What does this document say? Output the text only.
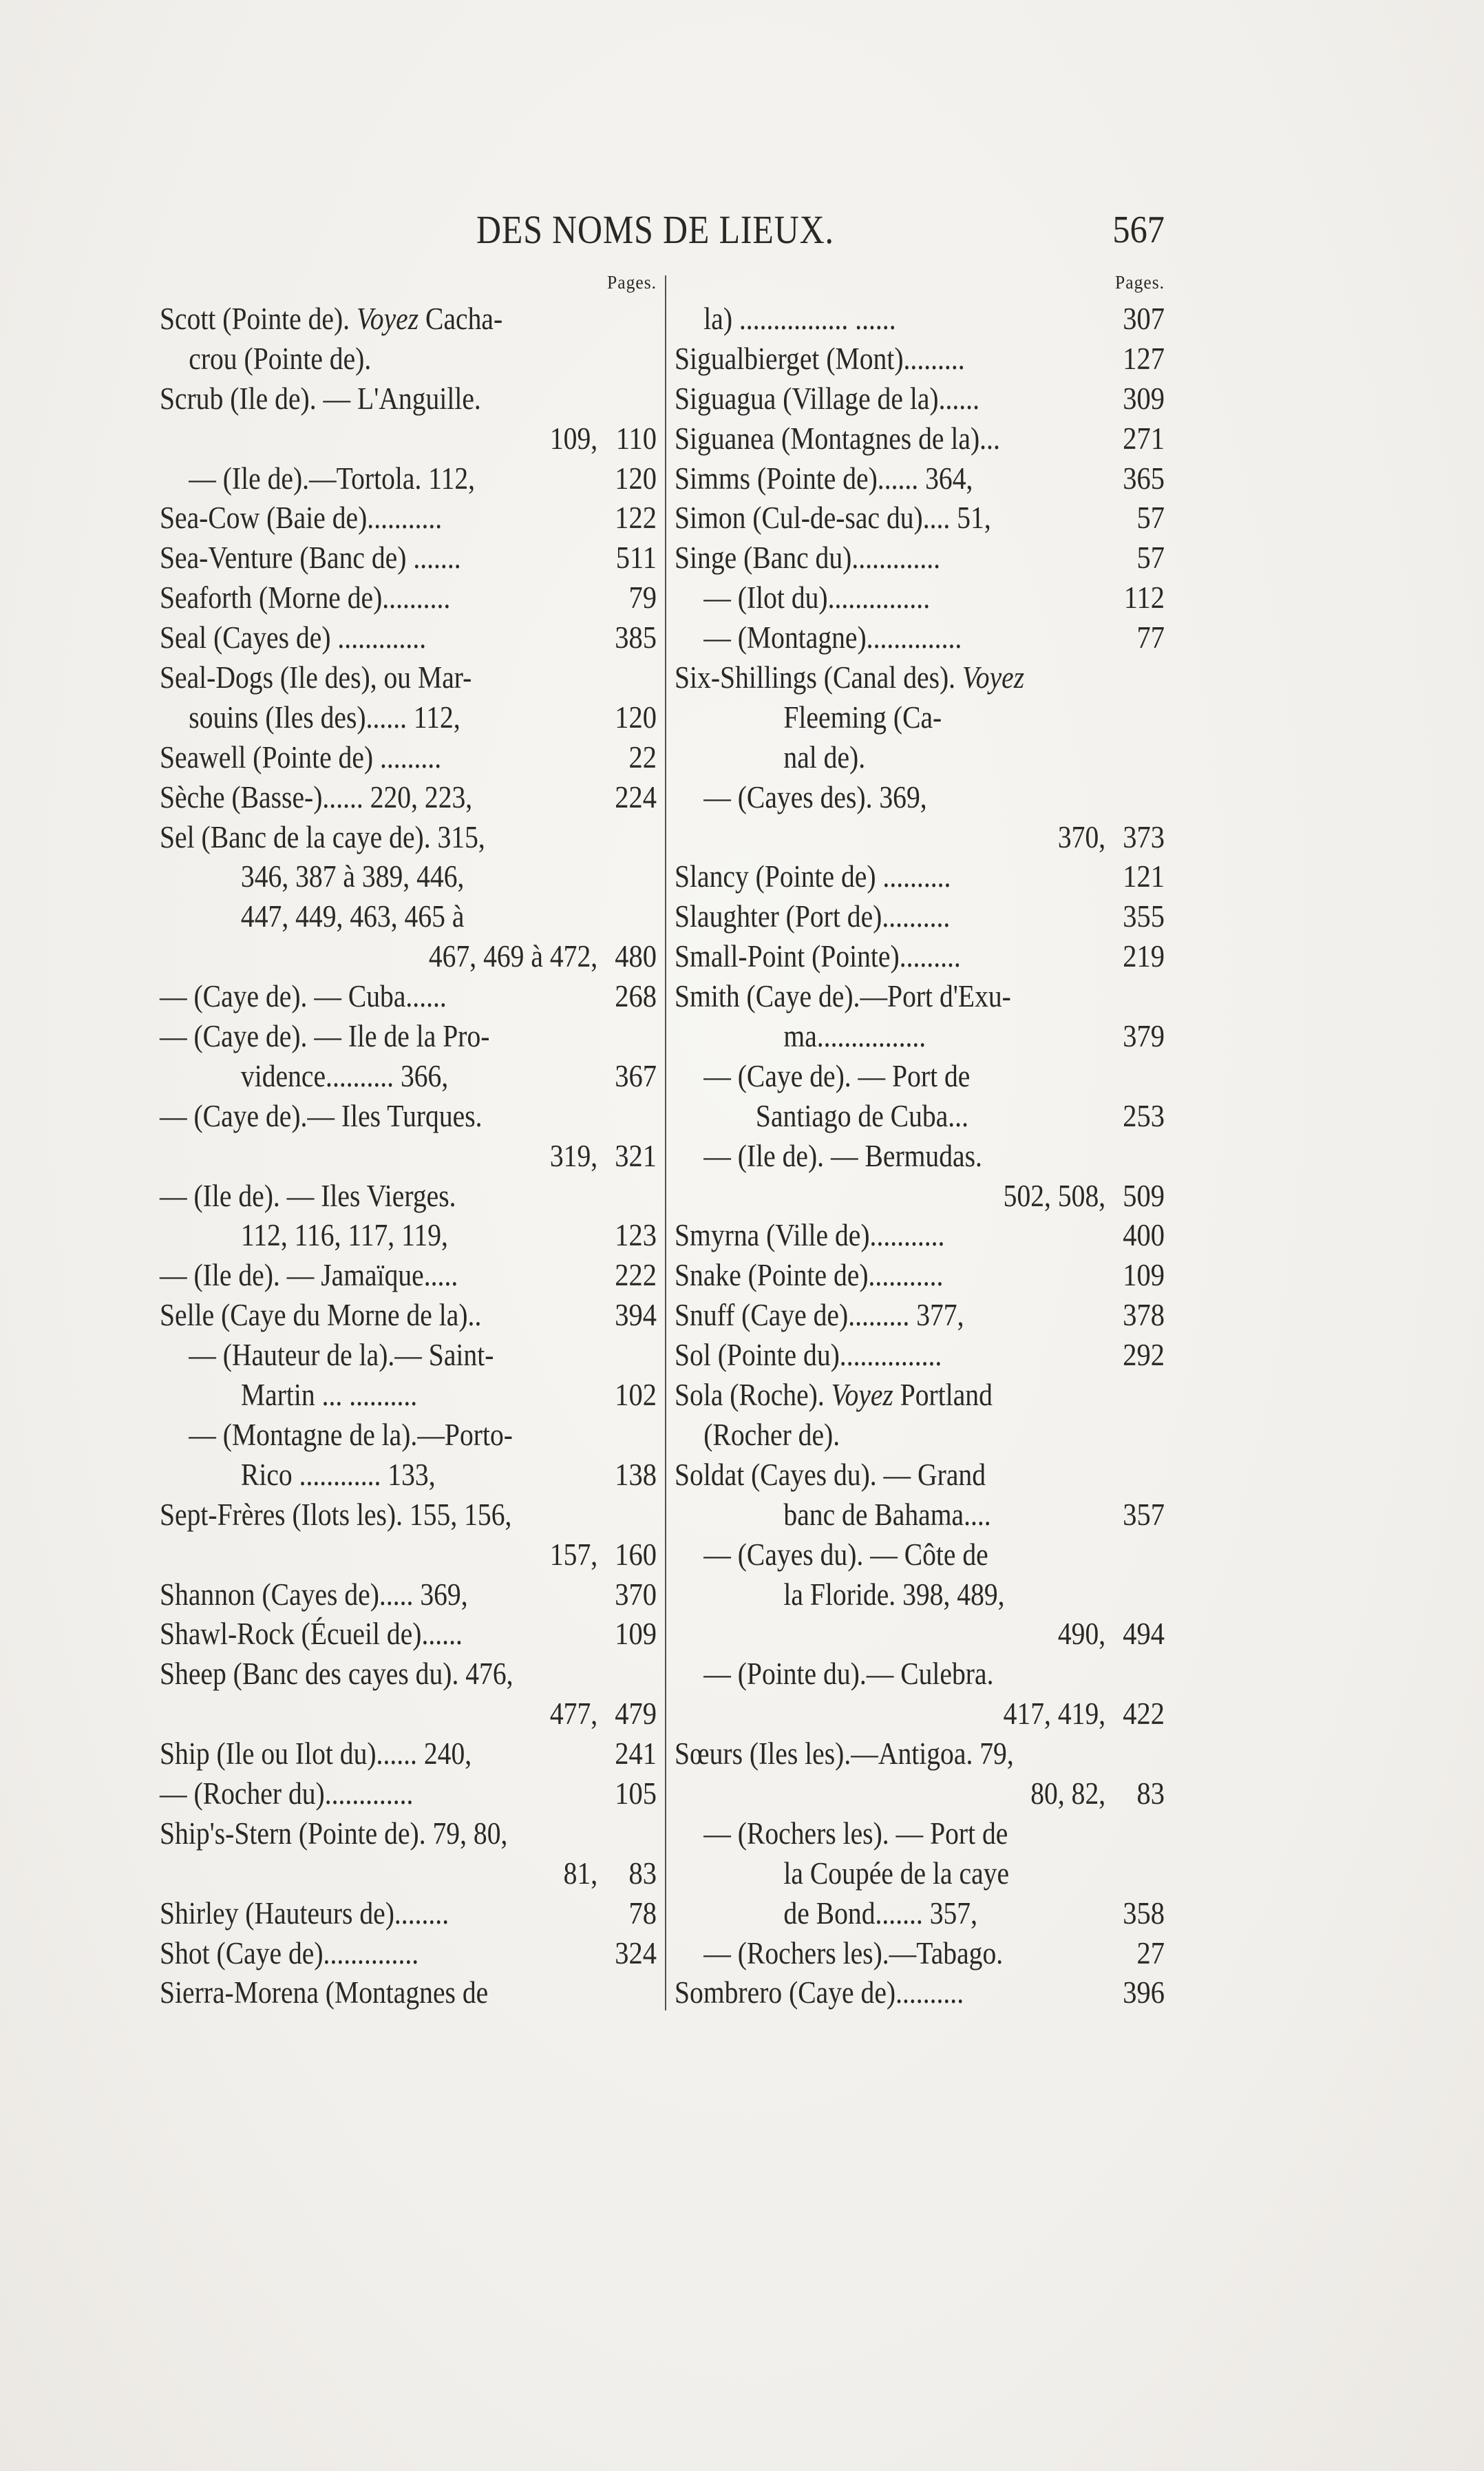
DES NOMS DE LIEUX.	567
Pages.
Scott (Pointe de). Voyez Cacha-
crou (Pointe de).
Scrub (Ile de). — L'Anguille.
109, 110
— (Ile de).—Tortola. 112,	120
Sea-Cow (Baie de)...........	122
Sea-Venture (Banc de) .......	511
Seaforth (Morne de)..........	79
Seal (Cayes de) .............	385
Seal-Dogs (Ile des), ou Mar-
souins (Iles des)...... 112,	120
Seawell (Pointe de) .........	22
Sèche (Basse-)...... 220, 223,	224
Sel (Banc de la caye de). 315,
346, 387 à 389, 446,
447, 449, 463, 465 à
467, 469 à 472, 480
— (Caye de). — Cuba......	268
— (Caye de). — Ile de la Pro-
vidence.......... 366,	367
— (Caye de).— Iles Turques.
319, 321
— (Ile de). — Iles Vierges.
112, 116, 117, 119,	123
— (Ile de). — Jamaïque.....	222
Selle (Caye du Morne de la)..	394
— (Hauteur de la).— Saint-
Martin ... ..........	102
— (Montagne de la).—Porto-
Rico ............ 133,	138
Sept-Frères (Ilots les). 155, 156,
157, 160
Shannon (Cayes de)..... 369,	370
Shawl-Rock (Écueil de)......	109
Sheep (Banc des cayes du). 476,
477, 479
Ship (Ile ou Ilot du)...... 240,	241
— (Rocher du).............	105
Ship's-Stern (Pointe de). 79, 80,
81,	83
Shirley (Hauteurs de)........	78
Shot (Caye de)..............	324
Sierra-Morena (Montagnes de
Pages.
la) ................ ......	307
Sigualbierget (Mont).........	127
Siguagua (Village de la)......	309
Siguanea (Montagnes de la)...	271
Simms (Pointe de)...... 364,	365
Simon (Cul-de-sac du).... 51,	57
Singe (Banc du).............	57
— (Ilot du)...............	112
— (Montagne)..............	77
Six-Shillings (Canal des). Voyez
Fleeming (Ca-
nal de).
— (Cayes des). 369,
370, 373
Slancy (Pointe de) ..........	121
Slaughter (Port de)..........	355
Small-Point (Pointe).........	219
Smith (Caye de).—Port d'Exu-
ma................	379
— (Caye de). — Port de
Santiago de Cuba...	253
— (Ile de). — Bermudas.
502, 508, 509
Smyrna (Ville de)...........	400
Snake (Pointe de)...........	109
Snuff (Caye de)......... 377,	378
Sol (Pointe du)...............	292
Sola (Roche). Voyez Portland
(Rocher de).
Soldat (Cayes du). — Grand
banc de Bahama....	357
— (Cayes du). — Côte de
la Floride. 398, 489,
490, 494
— (Pointe du).— Culebra.
417, 419, 422
Sœurs (Iles les).—Antigoa. 79,
80, 82,	83
— (Rochers les). — Port de
la Coupée de la caye
de Bond....... 357,	358
— (Rochers les).—Tabago.	27
Sombrero (Caye de)..........	396
